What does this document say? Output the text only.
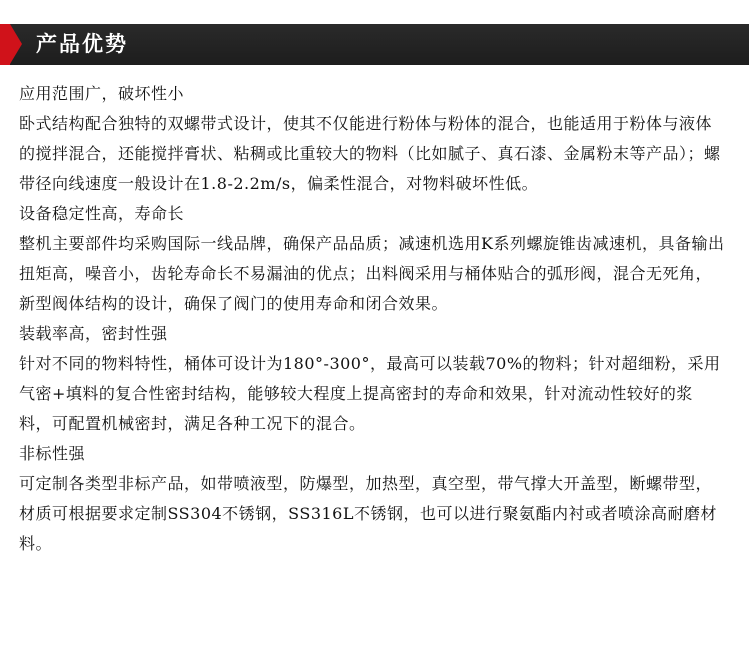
产品优势

应用范围广，破坏性小

卧式结构配合独特的双螺带式设计，使其不仅能进行粉体与粉体的混合，也能适用于粉体与液体的搅拌混合，还能搅拌膏状、粘稠或比重较大的物料（比如腻子、真石漆、金属粉末等产品）；螺带径向线速度一般设计在1.8-2.2m/s，偏柔性混合，对物料破坏性低。

设备稳定性高，寿命长

整机主要部件均采购国际一线品牌，确保产品品质；减速机选用K系列螺旋锥齿减速机，具备输出扭矩高，噪音小，齿轮寿命长不易漏油的优点；出料阀采用与桶体贴合的弧形阀，混合无死角，新型阀体结构的设计，确保了阀门的使用寿命和闭合效果。

装载率高，密封性强

针对不同的物料特性，桶体可设计为180°-300°，最高可以装载70%的物料；针对超细粉，采用气密+填料的复合性密封结构，能够较大程度上提高密封的寿命和效果，针对流动性较好的浆料，可配置机械密封，满足各种工况下的混合。

非标性强

可定制各类型非标产品，如带喷液型，防爆型，加热型，真空型，带气撑大开盖型，断螺带型，材质可根据要求定制SS304不锈钢，SS316L不锈钢，也可以进行聚氨酯内衬或者喷涂高耐磨材料。
